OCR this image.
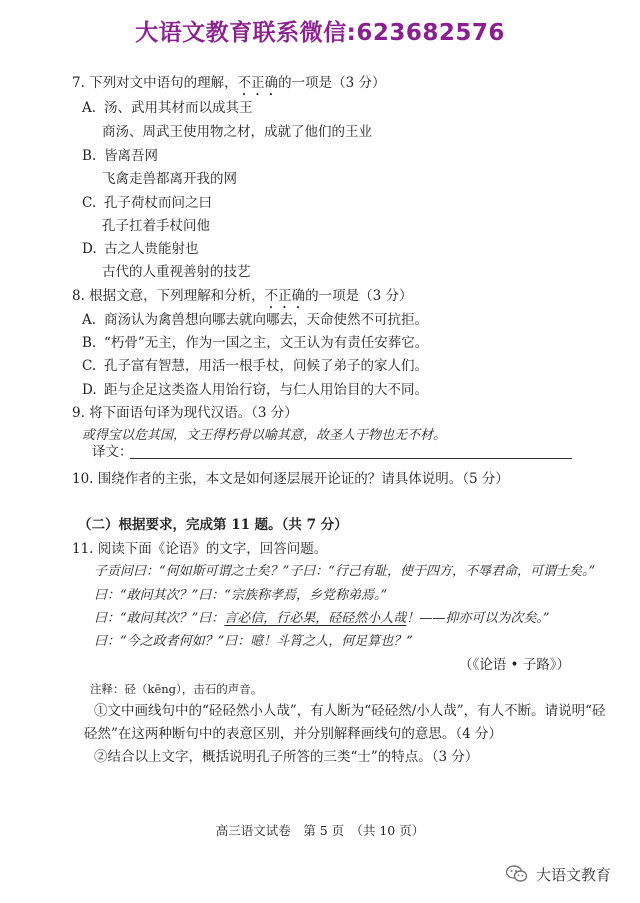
大语文教育联系微信:623682576
7. 下列对文中语句的理解，不正确的一项是（3 分）
A. 汤、武用其材而以成其王
商汤、周武王使用物之材，成就了他们的王业
B. 皆离吾网
飞禽走兽都离开我的网
C. 孔子荷杖而问之曰
孔子扛着手杖问他
D. 古之人贵能射也
古代的人重视善射的技艺
8. 根据文意，下列理解和分析，不正确的一项是（3 分）
A. 商汤认为禽兽想向哪去就向哪去，天命使然不可抗拒。
B. “朽骨”无主，作为一国之主，文王认为有责任安葬它。
C. 孔子富有智慧，用活一根手杖，问候了弟子的家人们。
D. 距与企足这类盗人用饴行窃，与仁人用饴目的大不同。
9. 将下面语句译为现代汉语。（3 分）
或得宝以危其国，文王得朽骨以喻其意，故圣人于物也无不材。
译文：
10. 围绕作者的主张，本文是如何逐层展开论证的？请具体说明。（5 分）
（二）根据要求，完成第 11 题。（共 7 分）
11. 阅读下面《论语》的文字，回答问题。
子贡问曰：“何如斯可谓之士矣？”子曰：“行己有耻，使于四方，不辱君命，可谓士矣。”
曰：“敢问其次？”曰：“宗族称孝焉，乡党称弟焉。”
曰：“敢问其次？”曰：言必信，行必果，硁硁然小人哉！——抑亦可以为次矣。”
曰：“今之政者何如？”曰：噫！斗筲之人，何足算也？”
（《论语 • 子路》）
注释：硁（kēng），击石的声音。
①文中画线句中的“硁硁然小人哉”，有人断为“硁硁然/小人哉”，有人不断。请说明“硁
硁然”在这两种断句中的表意区别，并分别解释画线句的意思。（4 分）
②结合以上文字，概括说明孔子所答的三类“士”的特点。（3 分）
高三语文试卷　第 5 页　（共 10 页）
大语文教育
